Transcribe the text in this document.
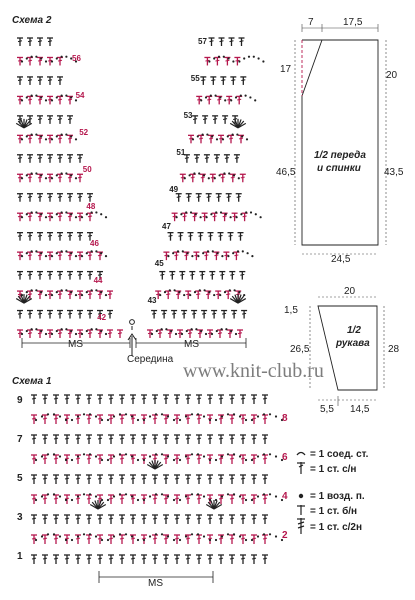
Схема 2
56
54
52
50
48
46
44
42
57
55
53
51
49
47
45
43
MS	MS
Середина
7	17,5
17
20
46,5	43,5
24,5
1/2 переда
и спинки
20
1,5
26,5	28
5,5 14,5
1/2
рукава
www.knit-club.ru
Схема 1
9
7
5
3
1
8
6
4
2
MS
= 1 соед. ст.
= 1 ст. с/н
= 1 возд. п.
= 1 ст. б/н
= 1 ст. с/2н
